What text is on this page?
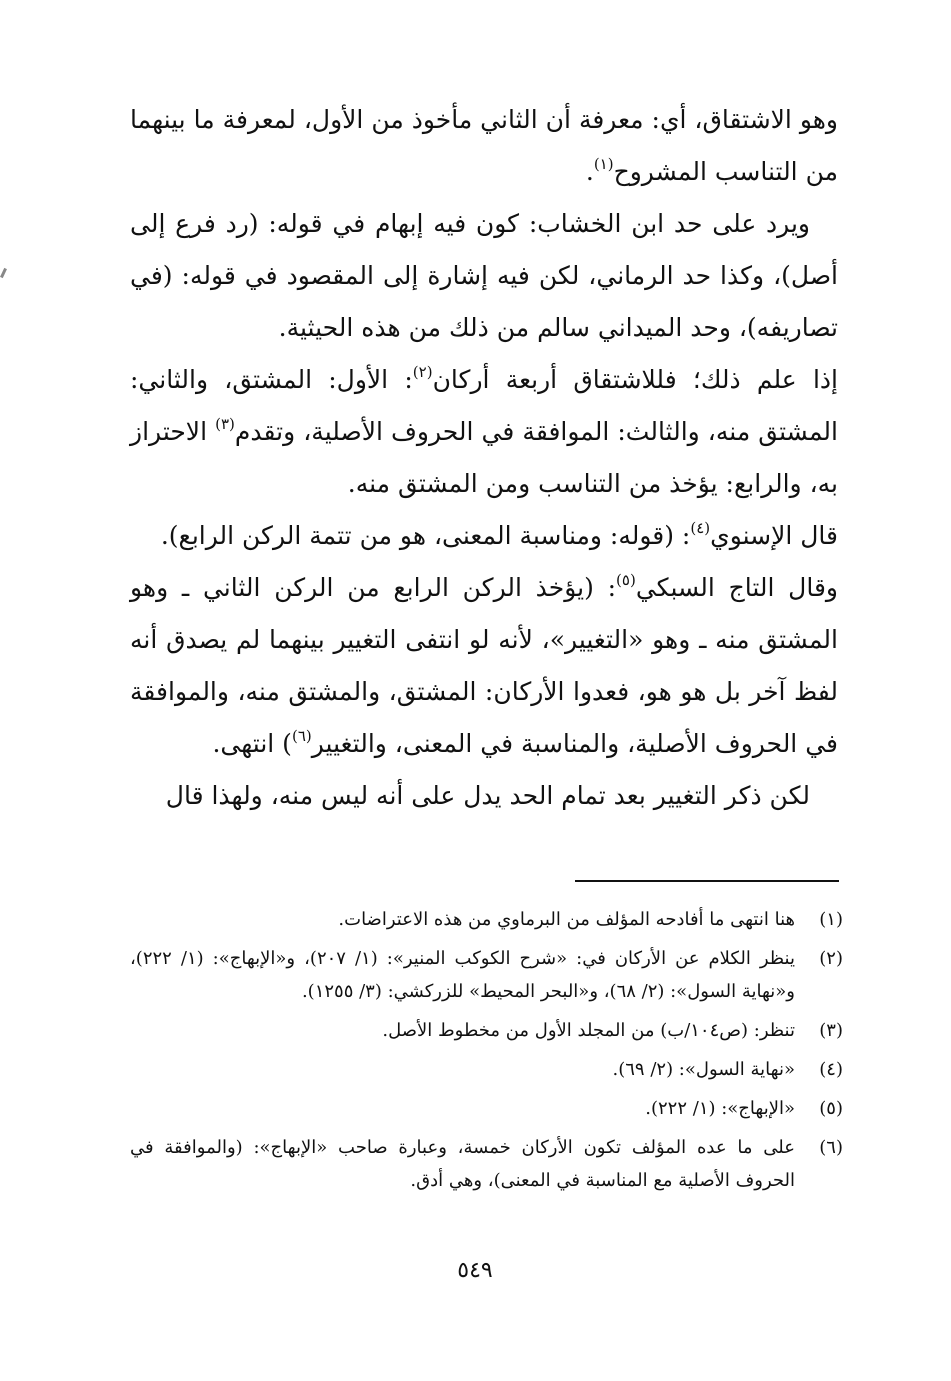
وهو الاشتقاق، أي: معرفة أن الثاني مأخوذ من الأول، لمعرفة ما بينهما من التناسب المشروح$^{(١)}$.

ويرد على حد ابن الخشاب: كون فيه إبهام في قوله: (رد فرع إلى أصل)، وكذا حد الرماني، لكن فيه إشارة إلى المقصود في قوله: (في تصاريفه)، وحد الميداني سالم من ذلك من هذه الحيثية.

إذا علم ذلك؛ فللاشتقاق أربعة أركان$^{(٢)}$: الأول: المشتق، والثاني: المشتق منه، والثالث: الموافقة في الحروف الأصلية، وتقدم$^{(٣)}$ الاحتراز به، والرابع: يؤخذ من التناسب ومن المشتق منه.

قال الإسنوي$^{(٤)}$: (قوله: ومناسبة المعنى، هو من تتمة الركن الرابع).

وقال التاج السبكي$^{(٥)}$: (يؤخذ الركن الرابع من الركن الثاني ـ وهو المشتق منه ـ وهو «التغيير»، لأنه لو انتفى التغيير بينهما لم يصدق أنه لفظ آخر بل هو هو، فعدوا الأركان: المشتق، والمشتق منه، والموافقة في الحروف الأصلية، والمناسبة في المعنى، والتغيير$^{(٦)}$) انتهى.

لكن ذكر التغيير بعد تمام الحد يدل على أنه ليس منه، ولهذا قال

(١)
هنا انتهى ما أفادحه المؤلف من البرماوي من هذه الاعتراضات.
(٢)
ينظر الكلام عن الأركان في: «شرح الكوكب المنير»: (١/ ٢٠٧)، و«الإبهاج»: (١/ ٢٢٢)، و«نهاية السول»: (٢/ ٦٨)، و«البحر المحيط» للزركشي: (٣/ ١٢٥٥).
(٣)
تنظر: (ص١٠٤/ب) من المجلد الأول من مخطوط الأصل.
(٤)
«نهاية السول»: (٢/ ٦٩).
(٥)
«الإبهاج»: (١/ ٢٢٢).
(٦)
على ما عده المؤلف تكون الأركان خمسة، وعبارة صاحب «الإبهاج»: (والموافقة في الحروف الأصلية مع المناسبة في المعنى)، وهي أدق.
٥٤٩
